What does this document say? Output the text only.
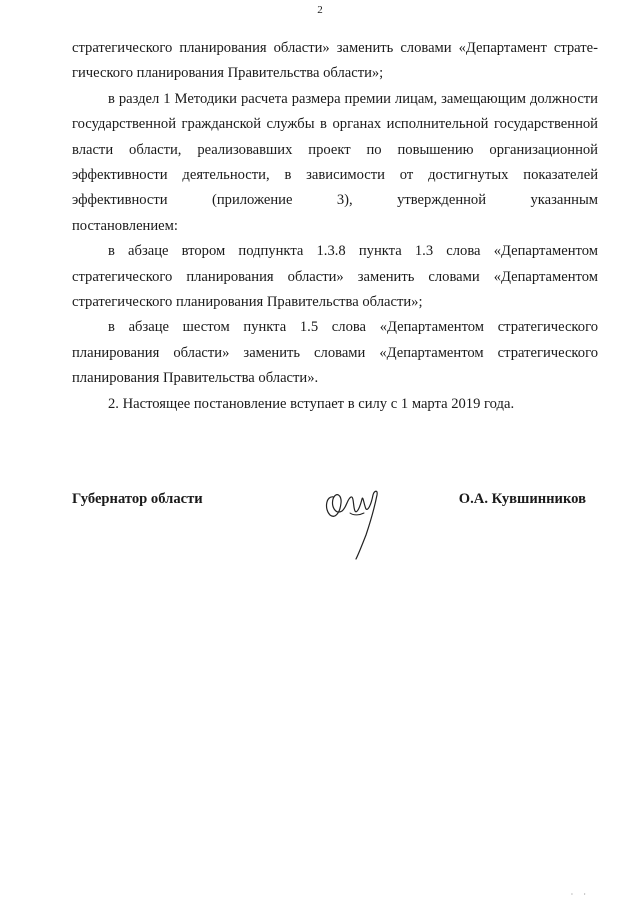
2

стратегического планирования области» заменить словами «Департамент страте-
гического планирования Правительства области»;

в раздел 1 Методики расчета размера премии лицам, замещающим должности государственной гражданской службы в органах исполнительной государственной власти области, реализовавших проект по повышению организационной эффективности деятельности, в зависимости от достигнутых показателей эффективности (приложение 3), утвержденной указанным
постановлением:

в абзаце втором подпункта 1.3.8 пункта 1.3 слова «Департаментом стратегического планирования области» заменить словами «Департаментом
стратегического планирования Правительства области»;

в абзаце шестом пункта 1.5 слова «Департаментом стратегического планирования области» заменить словами «Департаментом стратегического
планирования Правительства области».

2. Настоящее постановление вступает в силу с 1 марта 2019 года.

Губернатор области	О.А. Кувшинников
· ·
